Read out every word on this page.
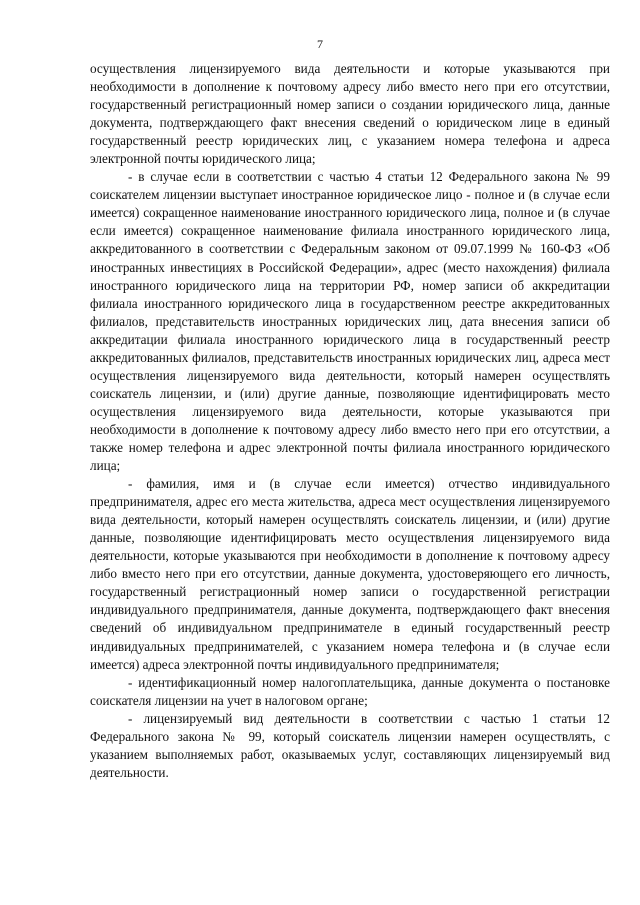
7

осуществления лицензируемого вида деятельности и которые указываются при необходимости в дополнение к почтовому адресу либо вместо него при его отсутствии, государственный регистрационный номер записи о создании юридического лица, данные документа, подтверждающего факт внесения сведений о юридическом лице в единый государственный реестр юридических лиц, с указанием номера телефона и адреса электронной почты юридического лица;

- в случае если в соответствии с частью 4 статьи 12 Федерального закона № 99 соискателем лицензии выступает иностранное юридическое лицо - полное и (в случае если имеется) сокращенное наименование иностранного юридического лица, полное и (в случае если имеется) сокращенное наименование филиала иностранного юридического лица, аккредитованного в соответствии с Федеральным законом от 09.07.1999 № 160-ФЗ «Об иностранных инвестициях в Российской Федерации», адрес (место нахождения) филиала иностранного юридического лица на территории РФ, номер записи об аккредитации филиала иностранного юридического лица в государственном реестре аккредитованных филиалов, представительств иностранных юридических лиц, дата внесения записи об аккредитации филиала иностранного юридического лица в государственный реестр аккредитованных филиалов, представительств иностранных юридических лиц, адреса мест осуществления лицензируемого вида деятельности, который намерен осуществлять соискатель лицензии, и (или) другие данные, позволяющие идентифицировать место осуществления лицензируемого вида деятельности, которые указываются при необходимости в дополнение к почтовому адресу либо вместо него при его отсутствии, а также номер телефона и адрес электронной почты филиала иностранного юридического лица;

- фамилия, имя и (в случае если имеется) отчество индивидуального предпринимателя, адрес его места жительства, адреса мест осуществления лицензируемого вида деятельности, который намерен осуществлять соискатель лицензии, и (или) другие данные, позволяющие идентифицировать место осуществления лицензируемого вида деятельности, которые указываются при необходимости в дополнение к почтовому адресу либо вместо него при его отсутствии, данные документа, удостоверяющего его личность, государственный регистрационный номер записи о государственной регистрации индивидуального предпринимателя, данные документа, подтверждающего факт внесения сведений об индивидуальном предпринимателе в единый государственный реестр индивидуальных предпринимателей, с указанием номера телефона и (в случае если имеется) адреса электронной почты индивидуального предпринимателя;

- идентификационный номер налогоплательщика, данные документа о постановке соискателя лицензии на учет в налоговом органе;

- лицензируемый вид деятельности в соответствии с частью 1 статьи 12 Федерального закона № 99, который соискатель лицензии намерен осуществлять, с указанием выполняемых работ, оказываемых услуг, составляющих лицензируемый вид деятельности.
